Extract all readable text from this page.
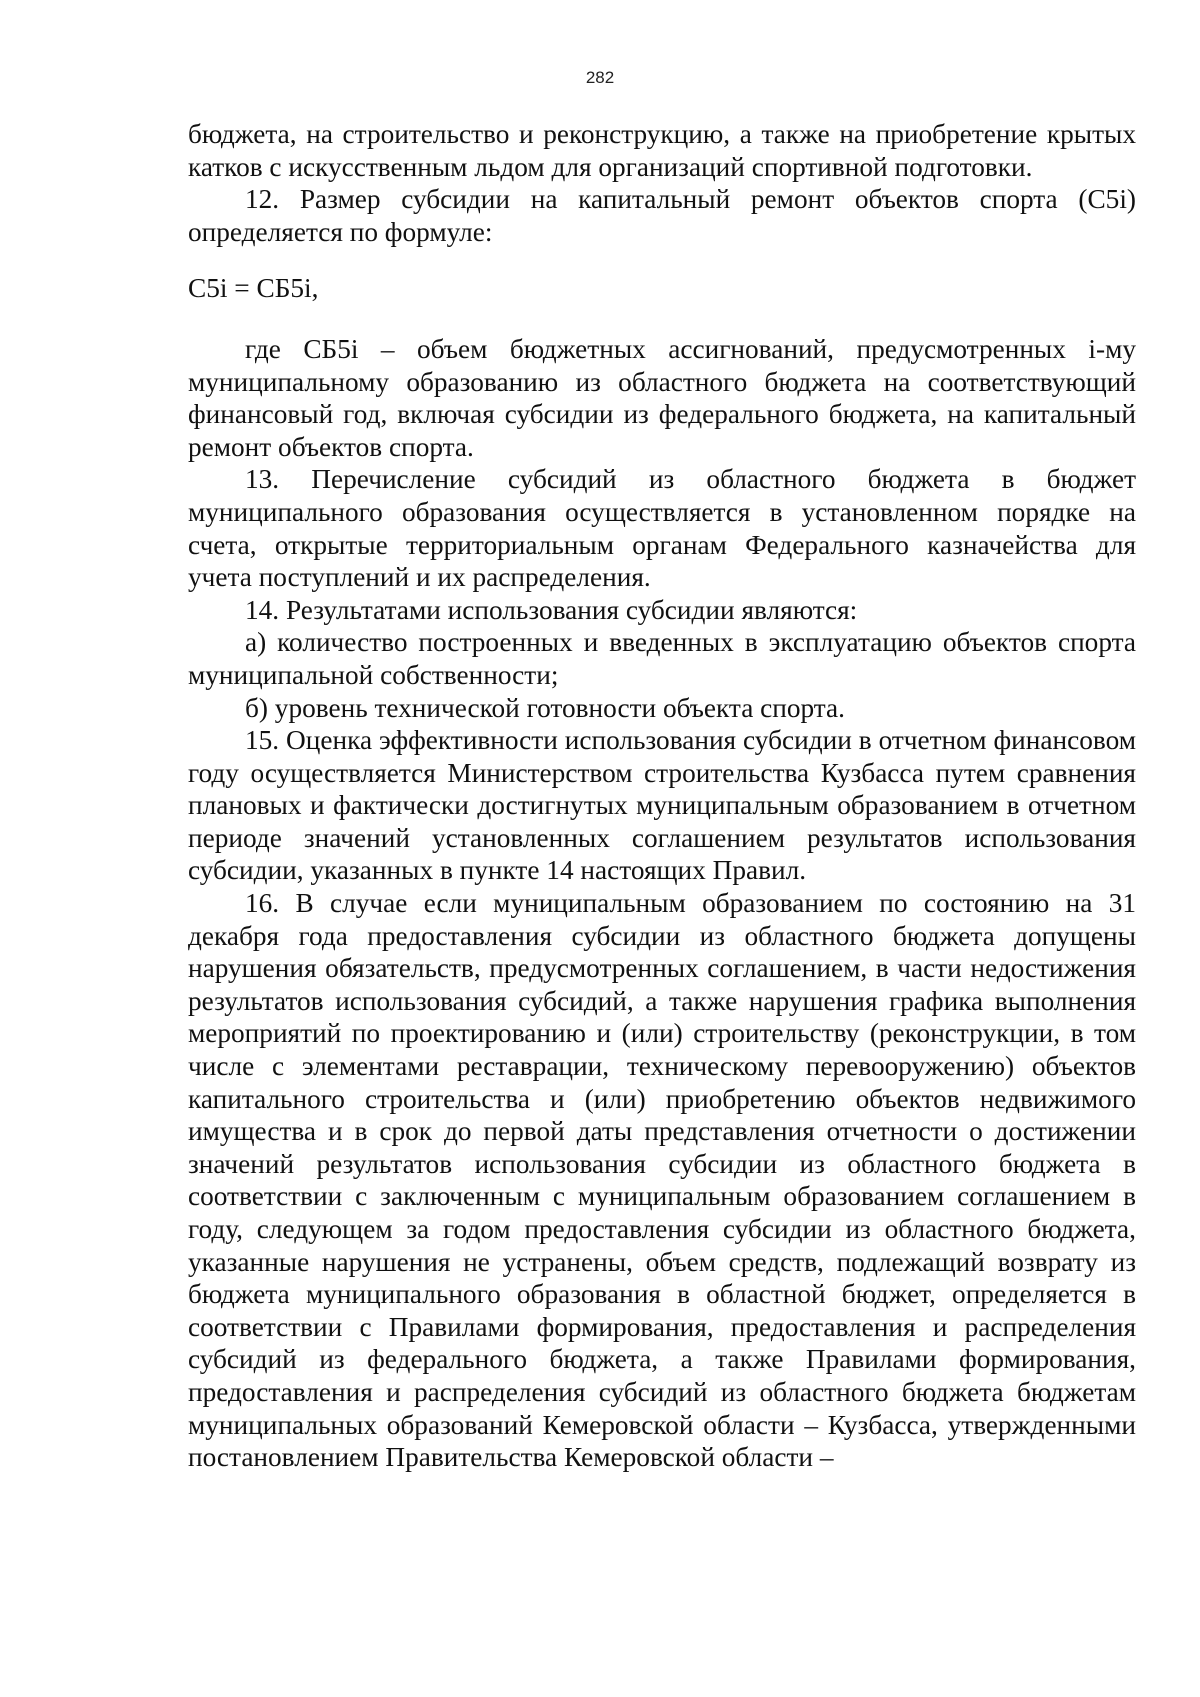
282

бюджета, на строительство и реконструкцию, а также на приобретение крытых катков с искусственным льдом для организаций спортивной подготовки.

12. Размер субсидии на капитальный ремонт объектов спорта (С5i) определяется по формуле:

С5i = СБ5i,

где СБ5i – объем бюджетных ассигнований, предусмотренных i-му муниципальному образованию из областного бюджета на соответствующий финансовый год, включая субсидии из федерального бюджета, на капитальный ремонт объектов спорта.

13. Перечисление субсидий из областного бюджета в бюджет муниципального образования осуществляется в установленном порядке на счета, открытые территориальным органам Федерального казначейства для учета поступлений и их распределения.

14. Результатами использования субсидии являются:

а) количество построенных и введенных в эксплуатацию объектов спорта муниципальной собственности;

б) уровень технической готовности объекта спорта.

15. Оценка эффективности использования субсидии в отчетном финансовом году осуществляется Министерством строительства Кузбасса путем сравнения плановых и фактически достигнутых муниципальным образованием в отчетном периоде значений установленных соглашением результатов использования субсидии, указанных в пункте 14 настоящих Правил.

16. В случае если муниципальным образованием по состоянию на 31 декабря года предоставления субсидии из областного бюджета допущены нарушения обязательств, предусмотренных соглашением, в части недостижения результатов использования субсидий, а также нарушения графика выполнения мероприятий по проектированию и (или) строительству (реконструкции, в том числе с элементами реставрации, техническому перевооружению) объектов капитального строительства и (или) приобретению объектов недвижимого имущества и в срок до первой даты представления отчетности о достижении значений результатов использования субсидии из областного бюджета в соответствии с заключенным с муниципальным образованием соглашением в году, следующем за годом предоставления субсидии из областного бюджета, указанные нарушения не устранены, объем средств, подлежащий возврату из бюджета муниципального образования в областной бюджет, определяется в соответствии с Правилами формирования, предоставления и распределения субсидий из федерального бюджета, а также Правилами формирования, предоставления и распределения субсидий из областного бюджета бюджетам муниципальных образований Кемеровской области – Кузбасса, утвержденными постановлением Правительства Кемеровской области –
